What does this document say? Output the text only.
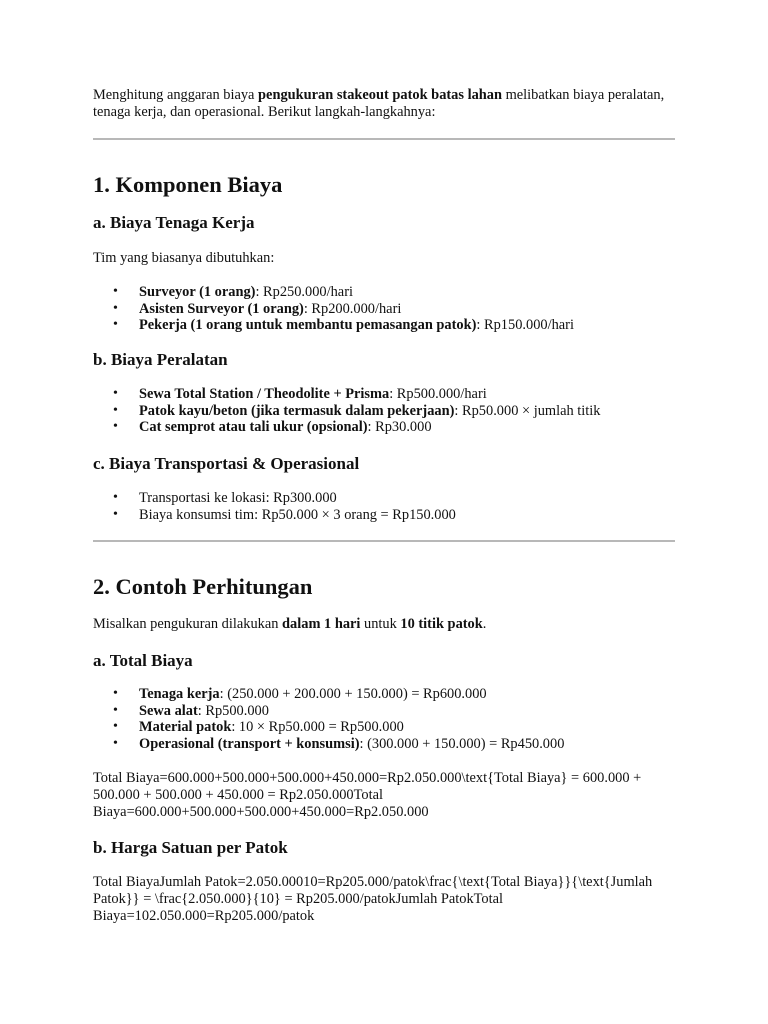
Menghitung anggaran biaya pengukuran stakeout patok batas lahan melibatkan biaya peralatan, tenaga kerja, dan operasional. Berikut langkah-langkahnya:

1. Komponen Biaya
a. Biaya Tenaga Kerja

Tim yang biasanya dibutuhkan:

• Surveyor (1 orang): Rp250.000/hari
• Asisten Surveyor (1 orang): Rp200.000/hari
• Pekerja (1 orang untuk membantu pemasangan patok): Rp150.000/hari
b. Biaya Peralatan
• Sewa Total Station / Theodolite + Prisma: Rp500.000/hari
• Patok kayu/beton (jika termasuk dalam pekerjaan): Rp50.000 × jumlah titik
• Cat semprot atau tali ukur (opsional): Rp30.000
c. Biaya Transportasi & Operasional
• Transportasi ke lokasi: Rp300.000
• Biaya konsumsi tim: Rp50.000 × 3 orang = Rp150.000
2. Contoh Perhitungan

Misalkan pengukuran dilakukan dalam 1 hari untuk 10 titik patok.

a. Total Biaya
• Tenaga kerja: (250.000 + 200.000 + 150.000) = Rp600.000
• Sewa alat: Rp500.000
• Material patok: 10 × Rp50.000 = Rp500.000
• Operasional (transport + konsumsi): (300.000 + 150.000) = Rp450.000

Total Biaya=600.000+500.000+500.000+450.000=Rp2.050.000\text{Total Biaya} = 600.000 + 500.000 + 500.000 + 450.000 = Rp2.050.000Total Biaya=600.000+500.000+500.000+450.000=Rp2.050.000

b. Harga Satuan per Patok

Total BiayaJumlah Patok=2.050.00010=Rp205.000/patok\frac{\text{Total Biaya}}{\text{Jumlah Patok}} = \frac{2.050.000}{10} = Rp205.000/patokJumlah PatokTotal Biaya=102.050.000=Rp205.000/patok
